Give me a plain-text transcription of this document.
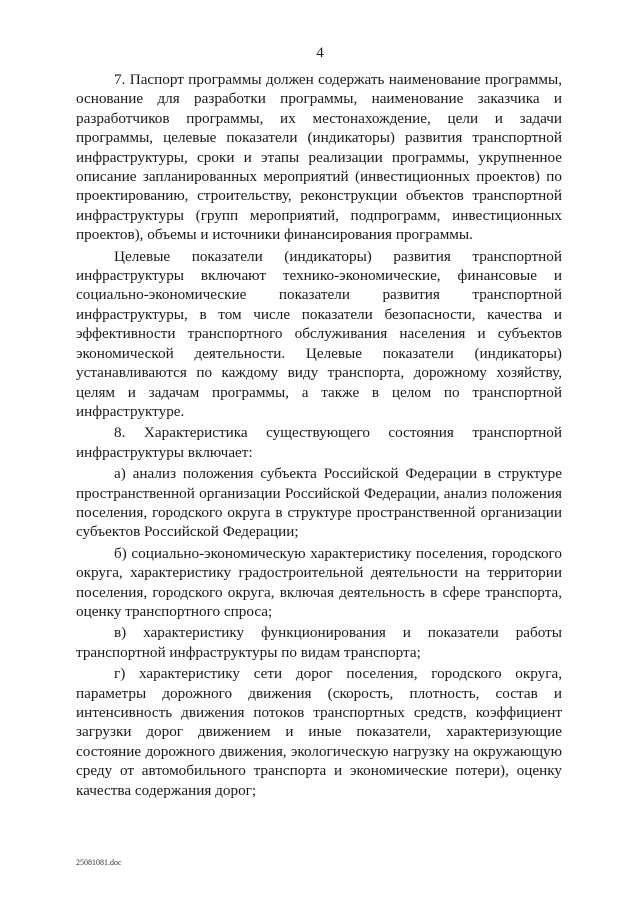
4

7. Паспорт программы должен содержать наименование программы, основание для разработки программы, наименование заказчика и разработчиков программы, их местонахождение, цели и задачи программы, целевые показатели (индикаторы) развития транспортной инфраструктуры, сроки и этапы реализации программы, укрупненное описание запланированных мероприятий (инвестиционных проектов) по проектированию, строительству, реконструкции объектов транспортной инфраструктуры (групп мероприятий, подпрограмм, инвестиционных проектов), объемы и источники финансирования программы.

Целевые показатели (индикаторы) развития транспортной инфраструктуры включают технико-экономические, финансовые и социально-экономические показатели развития транспортной инфраструктуры, в том числе показатели безопасности, качества и эффективности транспортного обслуживания населения и субъектов экономической деятельности. Целевые показатели (индикаторы) устанавливаются по каждому виду транспорта, дорожному хозяйству, целям и задачам программы, а также в целом по транспортной инфраструктуре.

8. Характеристика существующего состояния транспортной инфраструктуры включает:

а) анализ положения субъекта Российской Федерации в структуре пространственной организации Российской Федерации, анализ положения поселения, городского округа в структуре пространственной организации субъектов Российской Федерации;

б) социально-экономическую характеристику поселения, городского округа, характеристику градостроительной деятельности на территории поселения, городского округа, включая деятельность в сфере транспорта, оценку транспортного спроса;

в) характеристику функционирования и показатели работы транспортной инфраструктуры по видам транспорта;

г) характеристику сети дорог поселения, городского округа, параметры дорожного движения (скорость, плотность, состав и интенсивность движения потоков транспортных средств, коэффициент загрузки дорог движением и иные показатели, характеризующие состояние дорожного движения, экологическую нагрузку на окружающую среду от автомобильного транспорта и экономические потери), оценку качества содержания дорог;

25081081.doc
